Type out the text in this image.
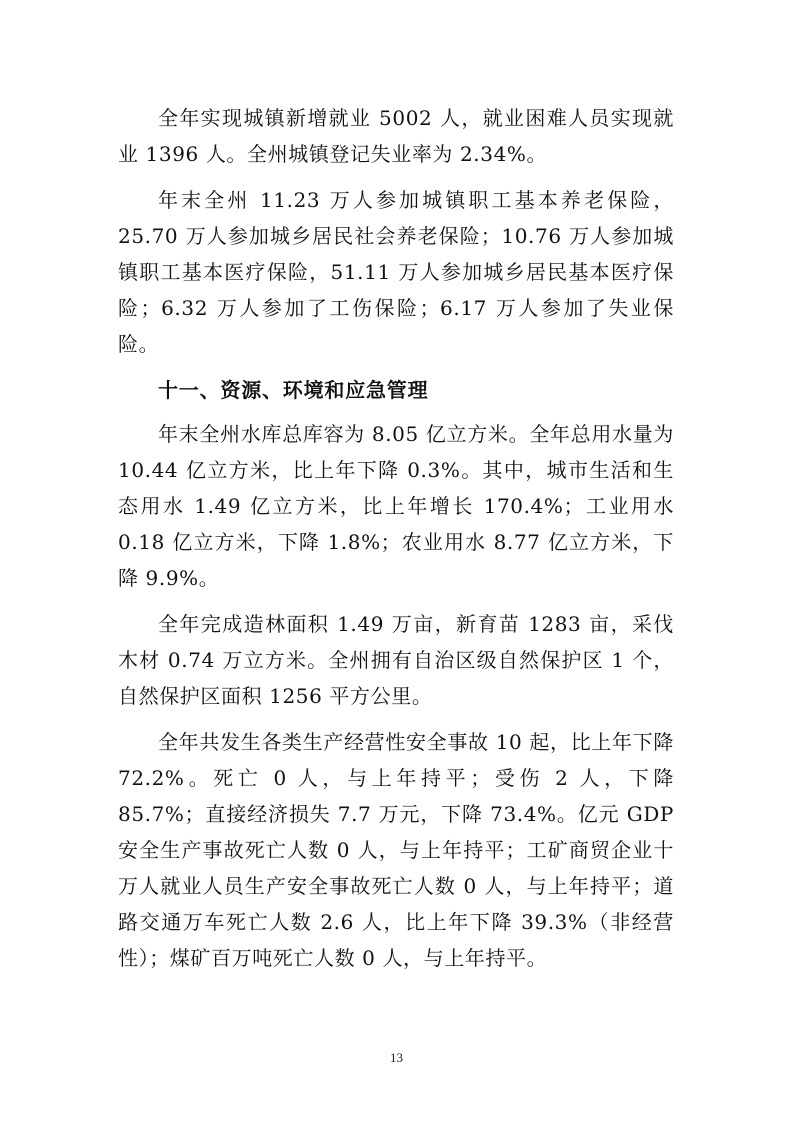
全年实现城镇新增就业 5002 人，就业困难人员实现就业 1396 人。全州城镇登记失业率为 2.34%。

年末全州 11.23 万人参加城镇职工基本养老保险，25.70 万人参加城乡居民社会养老保险；10.76 万人参加城镇职工基本医疗保险，51.11 万人参加城乡居民基本医疗保险；6.32 万人参加了工伤保险；6.17 万人参加了失业保险。

十一、资源、环境和应急管理

年末全州水库总库容为 8.05 亿立方米。全年总用水量为 10.44 亿立方米，比上年下降 0.3%。其中，城市生活和生态用水 1.49 亿立方米，比上年增长 170.4%；工业用水 0.18 亿立方米，下降 1.8%；农业用水 8.77 亿立方米，下降 9.9%。

全年完成造林面积 1.49 万亩，新育苗 1283 亩，采伐木材 0.74 万立方米。全州拥有自治区级自然保护区 1 个，自然保护区面积 1256 平方公里。

全年共发生各类生产经营性安全事故 10 起，比上年下降 72.2%。死亡 0 人，与上年持平；受伤 2 人，下降 85.7%；直接经济损失 7.7 万元，下降 73.4%。亿元 GDP 安全生产事故死亡人数 0 人，与上年持平；工矿商贸企业十万人就业人员生产安全事故死亡人数 0 人，与上年持平；道路交通万车死亡人数 2.6 人，比上年下降 39.3%（非经营性）；煤矿百万吨死亡人数 0 人，与上年持平。

13
